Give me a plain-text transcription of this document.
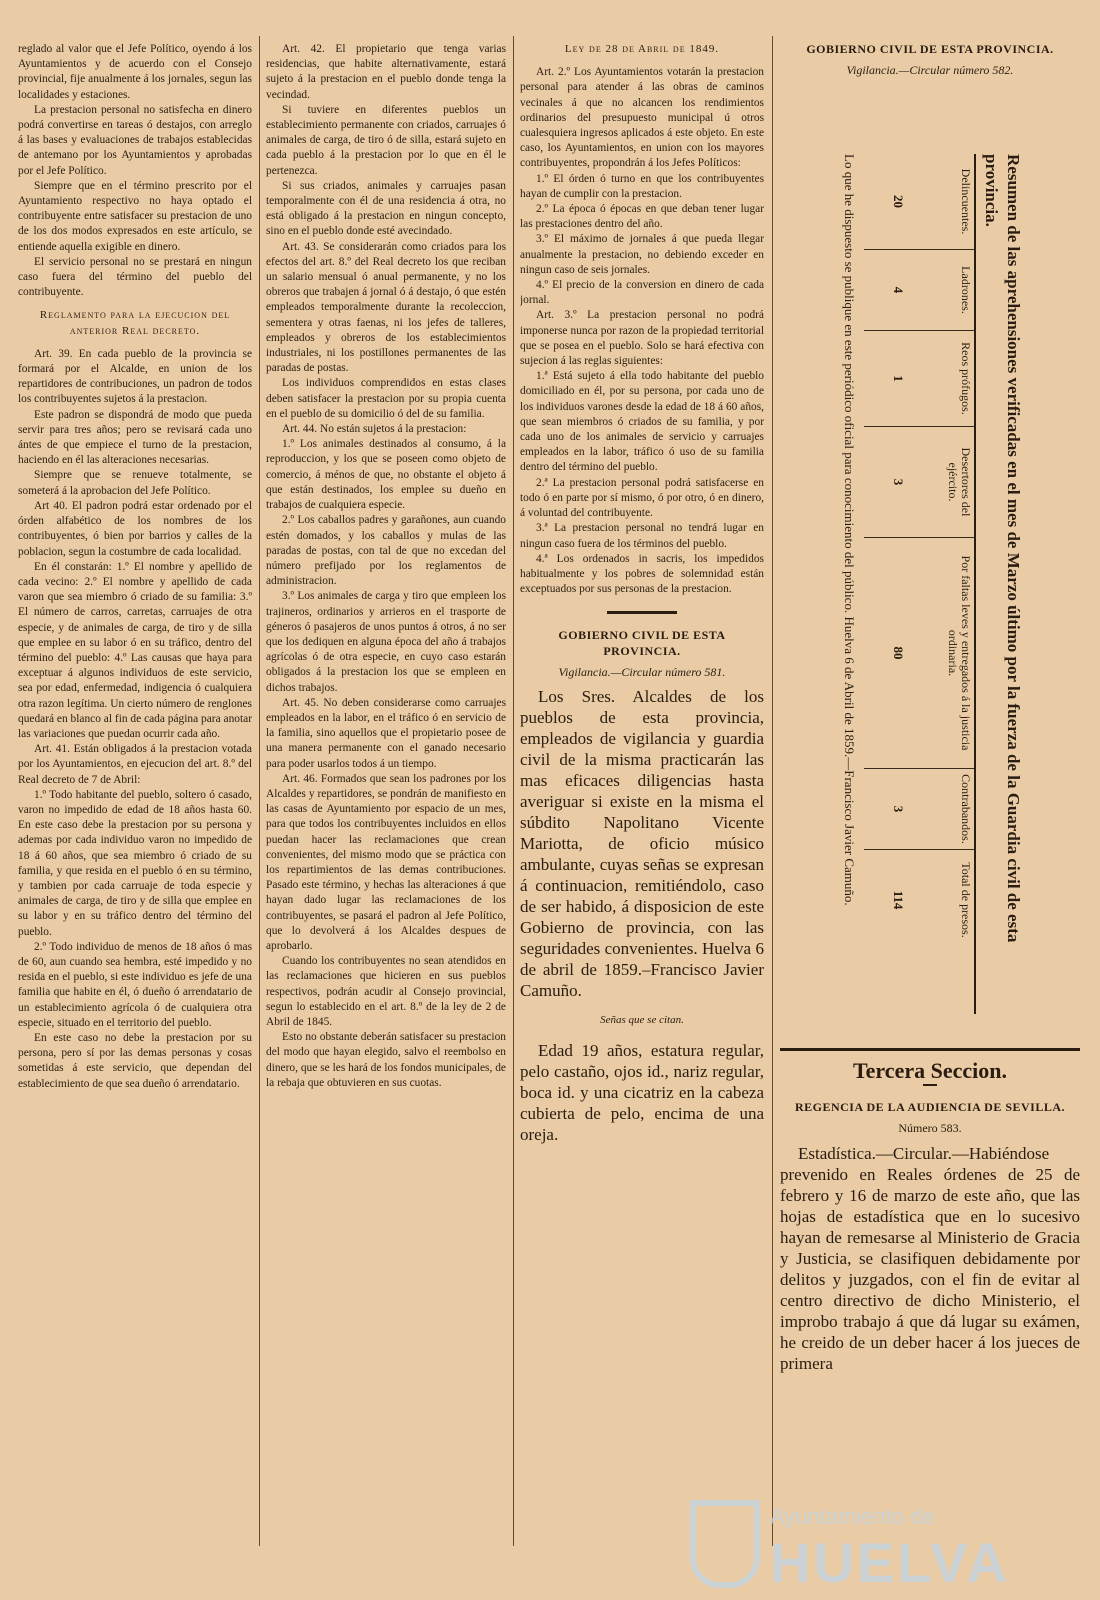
reglado al valor que el Jefe Político, oyendo á los Ayuntamientos y de acuerdo con el Consejo provincial, fije anualmente á los jornales, segun las localidades y estaciones.

La prestacion personal no satisfecha en dinero podrá convertirse en tareas ó destajos, con arreglo á las bases y evaluaciones de trabajos establecidas de antemano por los Ayuntamientos y aprobadas por el Jefe Político.

Siempre que en el término prescrito por el Ayuntamiento respectivo no haya optado el contribuyente entre satisfacer su prestacion de uno de los dos modos expresados en este artículo, se entiende aquella exigible en dinero.

El servicio personal no se prestará en ningun caso fuera del término del pueblo del contribuyente.

Reglamento para la ejecucion del anterior Real decreto.

Art. 39. En cada pueblo de la provincia se formará por el Alcalde, en union de los repartidores de contribuciones, un padron de todos los contribuyentes sujetos á la prestacion.

Este padron se dispondrá de modo que pueda servir para tres años; pero se revisará cada uno ántes de que empiece el turno de la prestacion, haciendo en él las alteraciones necesarias.

Siempre que se renueve totalmente, se someterá á la aprobacion del Jefe Político.

Art 40. El padron podrá estar ordenado por el órden alfabético de los nombres de los contribuyentes, ó bien por barrios y calles de la poblacion, segun la costumbre de cada localidad.

En él constarán: 1.º El nombre y apellido de cada vecino: 2.º El nombre y apellido de cada varon que sea miembro ó criado de su familia: 3.º El número de carros, carretas, carruajes de otra especie, y de animales de carga, de tiro y de silla que emplee en su labor ó en su tráfico, dentro del término del pueblo: 4.º Las causas que haya para exceptuar á algunos individuos de este servicio, sea por edad, enfermedad, indigencia ó cualquiera otra razon legítima. Un cierto número de renglones quedará en blanco al fin de cada página para anotar las variaciones que puedan ocurrir cada año.

Art. 41. Están obligados á la prestacion votada por los Ayuntamientos, en ejecucion del art. 8.º del Real decreto de 7 de Abril:

1.º Todo habitante del pueblo, soltero ó casado, varon no impedido de edad de 18 años hasta 60. En este caso debe la prestacion por su persona y ademas por cada individuo varon no impedido de 18 á 60 años, que sea miembro ó criado de su familia, y que resida en el pueblo ó en su término, y tambien por cada carruaje de toda especie y animales de carga, de tiro y de silla que emplee en su labor y en su tráfico dentro del término del pueblo.

2.º Todo individuo de menos de 18 años ó mas de 60, aun cuando sea hembra, esté impedido y no resida en el pueblo, si este individuo es jefe de una familia que habite en él, ó dueño ó arrendatario de un establecimiento agrícola ó de cualquiera otra especie, situado en el territorio del pueblo.

En este caso no debe la prestacion por su persona, pero sí por las demas personas y cosas sometidas á este servicio, que dependan del establecimiento de que sea dueño ó arrendatario.

Art. 42. El propietario que tenga varias residencias, que habite alternativamente, estará sujeto á la prestacion en el pueblo donde tenga la vecindad.

Si tuviere en diferentes pueblos un establecimiento permanente con criados, carruajes ó animales de carga, de tiro ó de silla, estará sujeto en cada pueblo á la prestacion por lo que en él le pertenezca.

Si sus criados, animales y carruajes pasan temporalmente con él de una residencia á otra, no está obligado á la prestacion en ningun concepto, sino en el pueblo donde esté avecindado.

Art. 43. Se considerarán como criados para los efectos del art. 8.º del Real decreto los que reciban un salario mensual ó anual permanente, y no los obreros que trabajen á jornal ó á destajo, ó que estén empleados temporalmente durante la recoleccion, sementera y otras faenas, ni los jefes de talleres, empleados y obreros de los establecimientos industriales, ni los postillones permanentes de las paradas de postas.

Los individuos comprendidos en estas clases deben satisfacer la prestacion por su propia cuenta en el pueblo de su domicilio ó del de su familia.

Art. 44. No están sujetos á la prestacion:

1.º Los animales destinados al consumo, á la reproduccion, y los que se poseen como objeto de comercio, á ménos de que, no obstante el objeto á que están destinados, los emplee su dueño en trabajos de cualquiera especie.

2.º Los caballos padres y garañones, aun cuando estén domados, y los caballos y mulas de las paradas de postas, con tal de que no excedan del número prefijado por los reglamentos de administracion.

3.º Los animales de carga y tiro que empleen los trajineros, ordinarios y arrieros en el trasporte de géneros ó pasajeros de unos puntos á otros, á no ser que los dediquen en alguna época del año á trabajos agrícolas ó de otra especie, en cuyo caso estarán obligados á la prestacion los que se empleen en dichos trabajos.

Art. 45. No deben considerarse como carruajes empleados en la labor, en el tráfico ó en servicio de la familia, sino aquellos que el propietario posee de una manera permanente con el ganado necesario para poder usarlos todos á un tiempo.

Art. 46. Formados que sean los padrones por los Alcaldes y repartidores, se pondrán de manifiesto en las casas de Ayuntamiento por espacio de un mes, para que todos los contribuyentes incluidos en ellos puedan hacer las reclamaciones que crean convenientes, del mismo modo que se práctica con los repartimientos de las demas contribuciones. Pasado este término, y hechas las alteraciones á que hayan dado lugar las reclamaciones de los contribuyentes, se pasará el padron al Jefe Político, que lo devolverá á los Alcaldes despues de aprobarlo.

Cuando los contribuyentes no sean atendidos en las reclamaciones que hicieren en sus pueblos respectivos, podrán acudir al Consejo provincial, segun lo establecido en el art. 8.º de la ley de 2 de Abril de 1845.

Esto no obstante deberán satisfacer su prestacion del modo que hayan elegido, salvo el reembolso en dinero, que se les hará de los fondos municipales, de la rebaja que obtuvieren en sus cuotas.

Ley de 28 de Abril de 1849.

Art. 2.º Los Ayuntamientos votarán la prestacion personal para atender á las obras de caminos vecinales á que no alcancen los rendimientos ordinarios del presupuesto municipal ú otros cualesquiera ingresos aplicados á este objeto. En este caso, los Ayuntamientos, en union con los mayores contribuyentes, propondrán á los Jefes Políticos:

1.º El órden ó turno en que los contribuyentes hayan de cumplir con la prestacion.

2.º La época ó épocas en que deban tener lugar las prestaciones dentro del año.

3.º El máximo de jornales á que pueda llegar anualmente la prestacion, no debiendo exceder en ningun caso de seis jornales.

4.º El precio de la conversion en dinero de cada jornal.

Art. 3.º La prestacion personal no podrá imponerse nunca por razon de la propiedad territorial que se posea en el pueblo. Solo se hará efectiva con sujecion á las reglas siguientes:

1.ª Está sujeto á ella todo habitante del pueblo domiciliado en él, por su persona, por cada uno de los individuos varones desde la edad de 18 á 60 años, que sean miembros ó criados de su familia, y por cada uno de los animales de servicio y carruajes empleados en la labor, tráfico ó uso de su familia dentro del término del pueblo.

2.ª La prestacion personal podrá satisfacerse en todo ó en parte por sí mismo, ó por otro, ó en dinero, á voluntad del contribuyente.

3.ª La prestacion personal no tendrá lugar en ningun caso fuera de los términos del pueblo.

4.ª Los ordenados in sacris, los impedidos habitualmente y los pobres de solemnidad están exceptuados por sus personas de la prestacion.

GOBIERNO CIVIL DE ESTA PROVINCIA.
Vigilancia.—Circular número 581.

Los Sres. Alcaldes de los pueblos de esta provincia, empleados de vigilancia y guardia civil de la misma practicarán las mas eficaces diligencias hasta averiguar si existe en la misma el súbdito Napolitano Vicente Mariotta, de oficio músico ambulante, cuyas señas se expresan á continuacion, remitiéndolo, caso de ser habido, á disposicion de este Gobierno de provincia, con las seguridades convenientes. Huelva 6 de abril de 1859.–Francisco Javier Camuño.

Señas que se citan.

Edad 19 años, estatura regular, pelo castaño, ojos id., nariz regular, boca id. y una cicatriz en la cabeza cubierta de pelo, encima de una oreja.

GOBIERNO CIVIL DE ESTA PROVINCIA.
Vigilancia.—Circular número 582.
Resumen de las aprehensiones verificadas en el mes de Marzo último por la fuerza de la Guardia civil de esta provincia.
Delincuentes.
20
Ladrones.
4
Reos prófugos.
1
Desertores del ejército.
3
Por faltas leves y entregados á la justicia ordinaria.
80
Contrabandos.
3
Total de presos.
114
Lo que he dispuesto se publique en este periódico oficial para conocimiento del público. Huelva 6 de Abril de 1859.—Francisco Javier Camuño.
Tercera Seccion.
REGENCIA DE LA AUDIENCIA DE SEVILLA.
Número 583.

Estadística.—Circular.—Habiéndose prevenido en Reales órdenes de 25 de febrero y 16 de marzo de este año, que las hojas de estadística que en lo sucesivo hayan de remesarse al Ministerio de Gracia y Justicia, se clasifiquen debidamente por delitos y juzgados, con el fin de evitar al centro directivo de dicho Ministerio, el improbo trabajo á que dá lugar su exámen, he creido de un deber hacer á los jueces de primera

Ayuntamiento de
HUELVA
